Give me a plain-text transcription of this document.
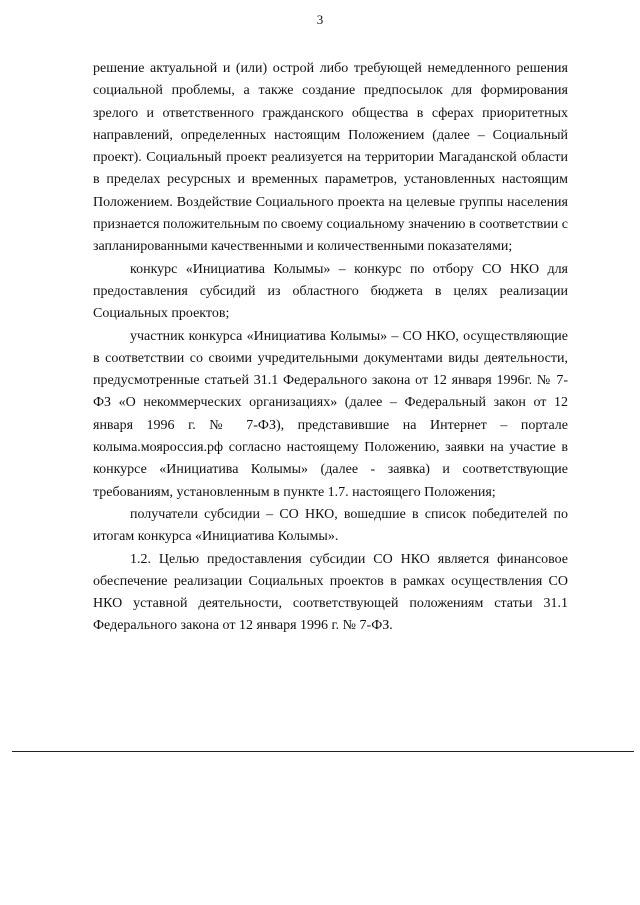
3

решение актуальной и (или) острой либо требующей немедленного решения социальной проблемы, а также создание предпосылок для формирования зрелого и ответственного гражданского общества в сферах приоритетных направлений, определенных настоящим Положением (далее – Социальный проект). Социальный проект реализуется на территории Магаданской области в пределах ресурсных и временных параметров, установленных настоящим Положением. Воздействие Социального проекта на целевые группы населения признается положительным по своему социальному значению в соответствии с запланированными качественными и количественными показателями;

конкурс «Инициатива Колымы» – конкурс по отбору СО НКО для предоставления субсидий из областного бюджета в целях реализации Социальных проектов;

участник конкурса «Инициатива Колымы» – СО НКО, осуществляющие в соответствии со своими учредительными документами виды деятельности, предусмотренные статьей 31.1 Федерального закона от 12 января 1996г. № 7-ФЗ «О некоммерческих организациях» (далее – Федеральный закон от 12 января 1996 г. № 7-ФЗ), представившие на Интернет – портале колыма.мояроссия.рф согласно настоящему Положению, заявки на участие в конкурсе «Инициатива Колымы» (далее - заявка) и соответствующие требованиям, установленным в пункте 1.7. настоящего Положения;

получатели субсидии – СО НКО, вошедшие в список победителей по итогам конкурса «Инициатива Колымы».

1.2. Целью предоставления субсидии СО НКО является финансовое обеспечение реализации Социальных проектов в рамках осуществления СО НКО уставной деятельности, соответствующей положениям статьи 31.1 Федерального закона от 12 января 1996 г. № 7-ФЗ.
